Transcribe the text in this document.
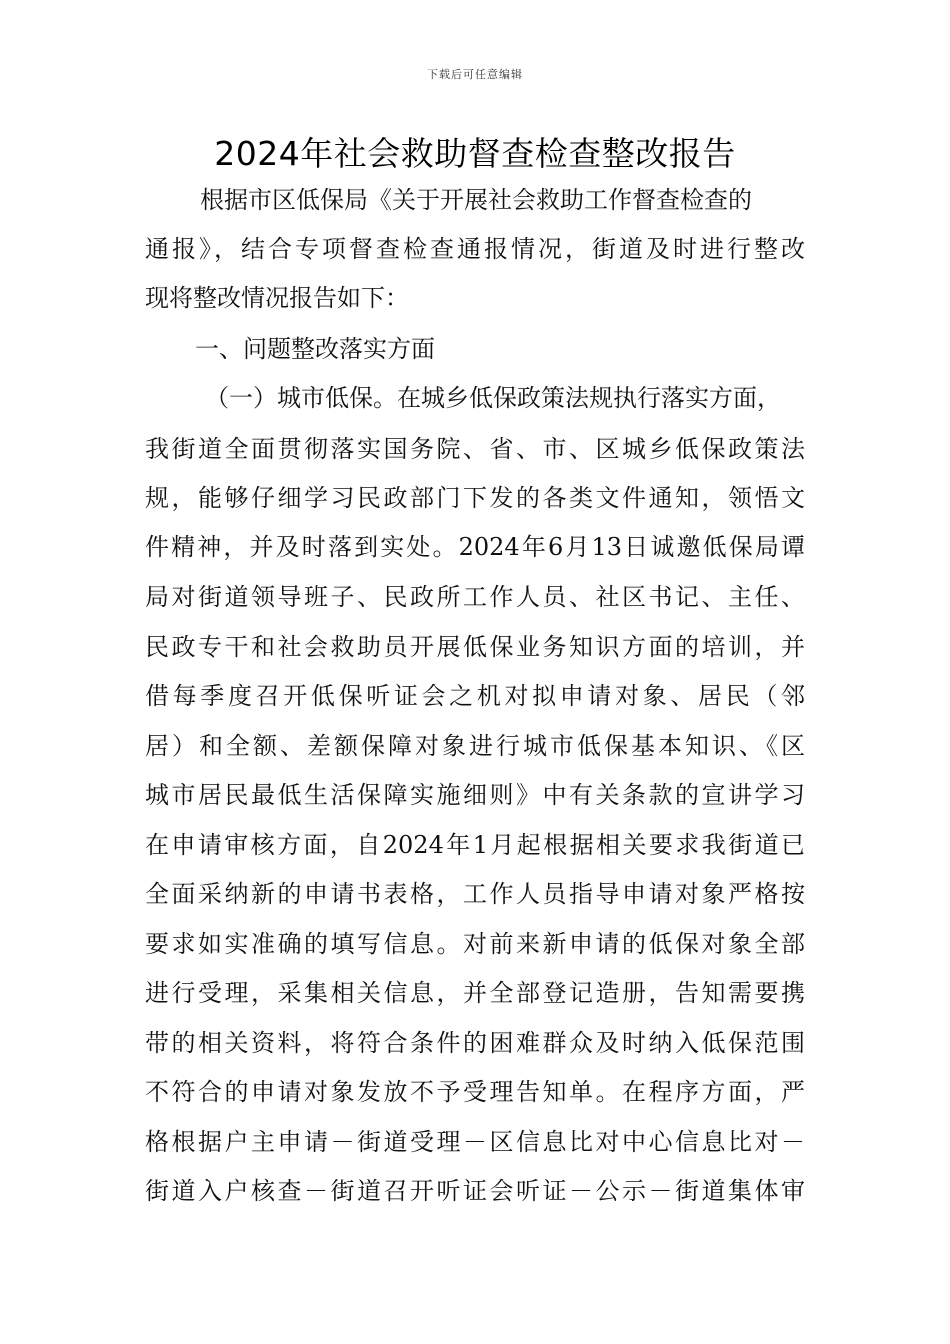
下载后可任意编辑
2024年社会救助督查检查整改报告
根据市区低保局《关于开展社会救助工作督查检查的
通报》，结合专项督查检查通报情况，街道及时进行整改
现将整改情况报告如下：
一、问题整改落实方面
（一）城市低保。在城乡低保政策法规执行落实方面，
我街道全面贯彻落实国务院、省、市、区城乡低保政策法
规，能够仔细学习民政部门下发的各类文件通知，领悟文
件精神，并及时落到实处。2024年6月13日诚邀低保局谭
局对街道领导班子、民政所工作人员、社区书记、主任、
民政专干和社会救助员开展低保业务知识方面的培训，并
借每季度召开低保听证会之机对拟申请对象、居民（邻
居）和全额、差额保障对象进行城市低保基本知识、《区
城市居民最低生活保障实施细则》中有关条款的宣讲学习
在申请审核方面，自2024年1月起根据相关要求我街道已
全面采纳新的申请书表格，工作人员指导申请对象严格按
要求如实准确的填写信息。对前来新申请的低保对象全部
进行受理，采集相关信息，并全部登记造册，告知需要携
带的相关资料，将符合条件的困难群众及时纳入低保范围
不符合的申请对象发放不予受理告知单。在程序方面，严
格根据户主申请－街道受理－区信息比对中心信息比对－
街道入户核查－街道召开听证会听证－公示－街道集体审
